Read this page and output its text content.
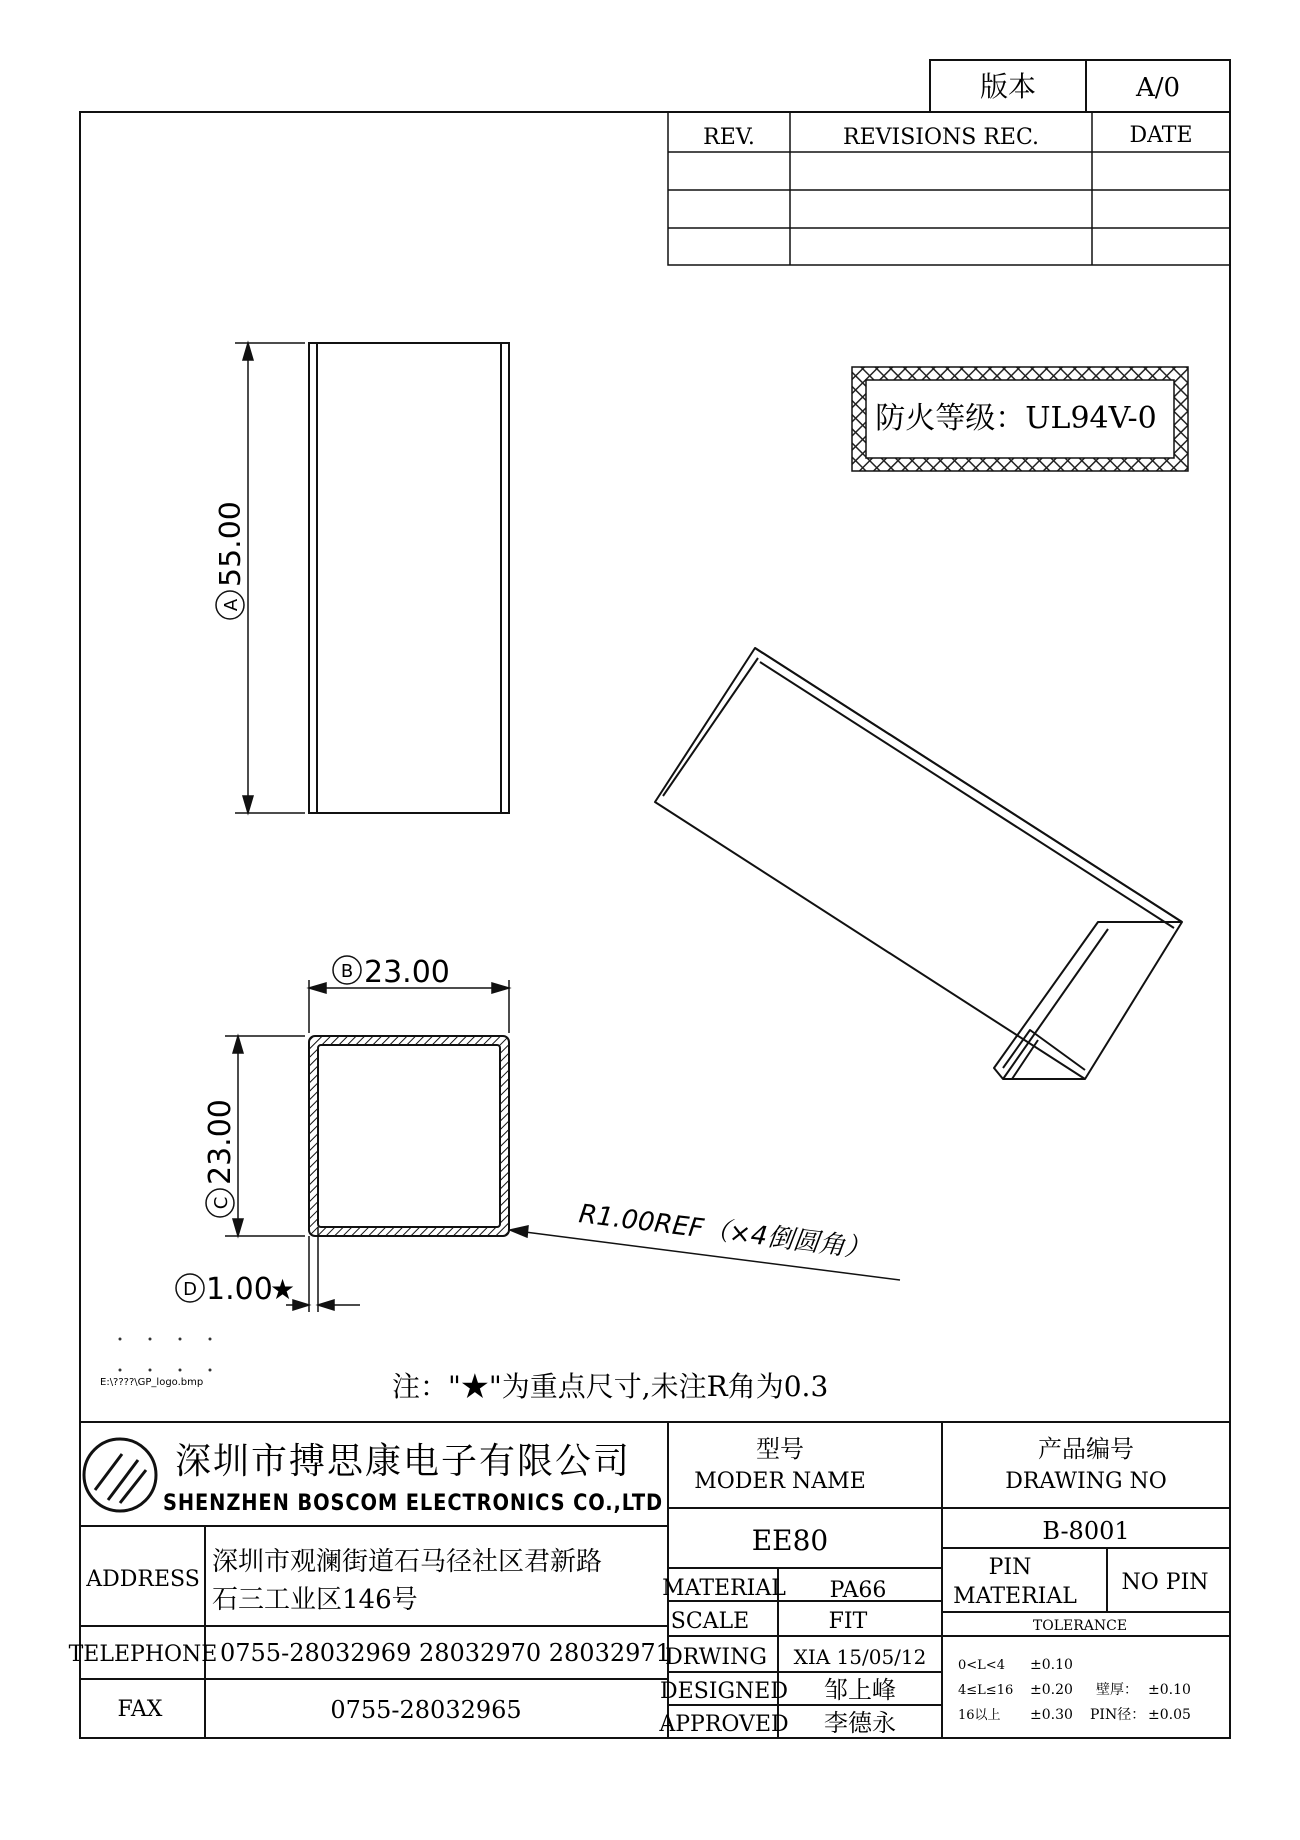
版本	A/0
REV.	REVISIONS REC.	DATE
防火等级：UL94V-0
A
55.00
B 23.00
C
23.00
D 1.00
★
R1.00REF（×4倒圆角）
E:\????\GP_logo.bmp	注："★"为重点尺寸,未注R角为0.3
深圳市搏思康电子有限公司
SHENZHEN BOSCOM ELECTRONICS CO.,LTD
ADDRESS
深圳市观澜街道石马径社区君新路
石三工业区146号
TELEPHONE 0755-28032969 28032970 28032971
FAX	0755-28032965
型号
MODER NAME
EE80
产品编号
DRAWING NO
B-8001
MATERIAL PA66
SCALE	FIT
DRWING XIA 15/05/12
DESIGNED 邹上峰
APPROVED 李德永
PIN
MATERIAL
NO PIN
TOLERANCE
0<L<4 ±0.10
4≤L≤16 ±0.20 壁厚： ±0.10
16以上 ±0.30 PIN径： ±0.05
